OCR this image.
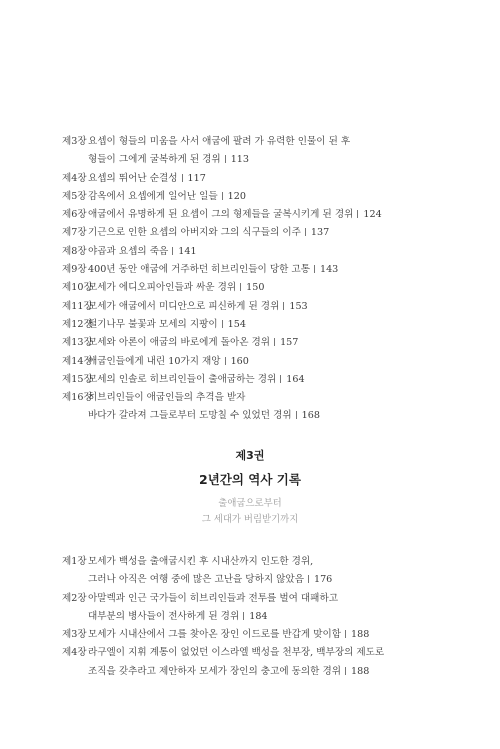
제3장 요셉이 형들의 미움을 사서 애굽에 팔려 가 유력한 인물이 된 후
형들이 그에게 굴복하게 된 경위 113
제4장 요셉의 뛰어난 순결성 117
제5장 감옥에서 요셉에게 일어난 일들 120
제6장 애굽에서 유명하게 된 요셉이 그의 형제들을 굴복시키게 된 경위 124
제7장 기근으로 인한 요셉의 아버지와 그의 식구들의 이주 137
제8장 야곱과 요셉의 죽음 141
제9장 400년 동안 애굽에 거주하던 히브리인들이 당한 고통 143
제10장
모세가 에디오피아인들과 싸운 경위 150
제11장
모세가 애굽에서 미디안으로 피신하게 된 경위 153
제12장
떨기나무 불꽃과 모세의 지팡이 154
제13장
모세와 아론이 애굽의 바로에게 돌아온 경위 157
제14장
애굽인들에게 내린 10가지 재앙 160
제15장
모세의 인솔로 히브리인들이 출애굽하는 경위 164
제16장
히브리인들이 애굽인들의 추격을 받자
바다가 갈라져 그들로부터 도망칠 수 있었던 경위 168
제3권
2년간의 역사 기록
출애굽으로부터
그 세대가 버림받기까지
제1장 모세가 백성을 출애굽시킨 후 시내산까지 인도한 경위,
그러나 아직은 여행 중에 많은 고난을 당하지 않았음 176
제2장 아말렉과 인근 국가들이 히브리인들과 전투를 벌여 대패하고
대부분의 병사들이 전사하게 된 경위 184
제3장 모세가 시내산에서 그를 찾아온 장인 이드로를 반갑게 맞이함 188
제4장 라구엘이 지휘 계통이 없었던 이스라엘 백성을 천부장, 백부장의 제도로
조직을 갖추라고 제안하자 모세가 장인의 충고에 동의한 경위 188
